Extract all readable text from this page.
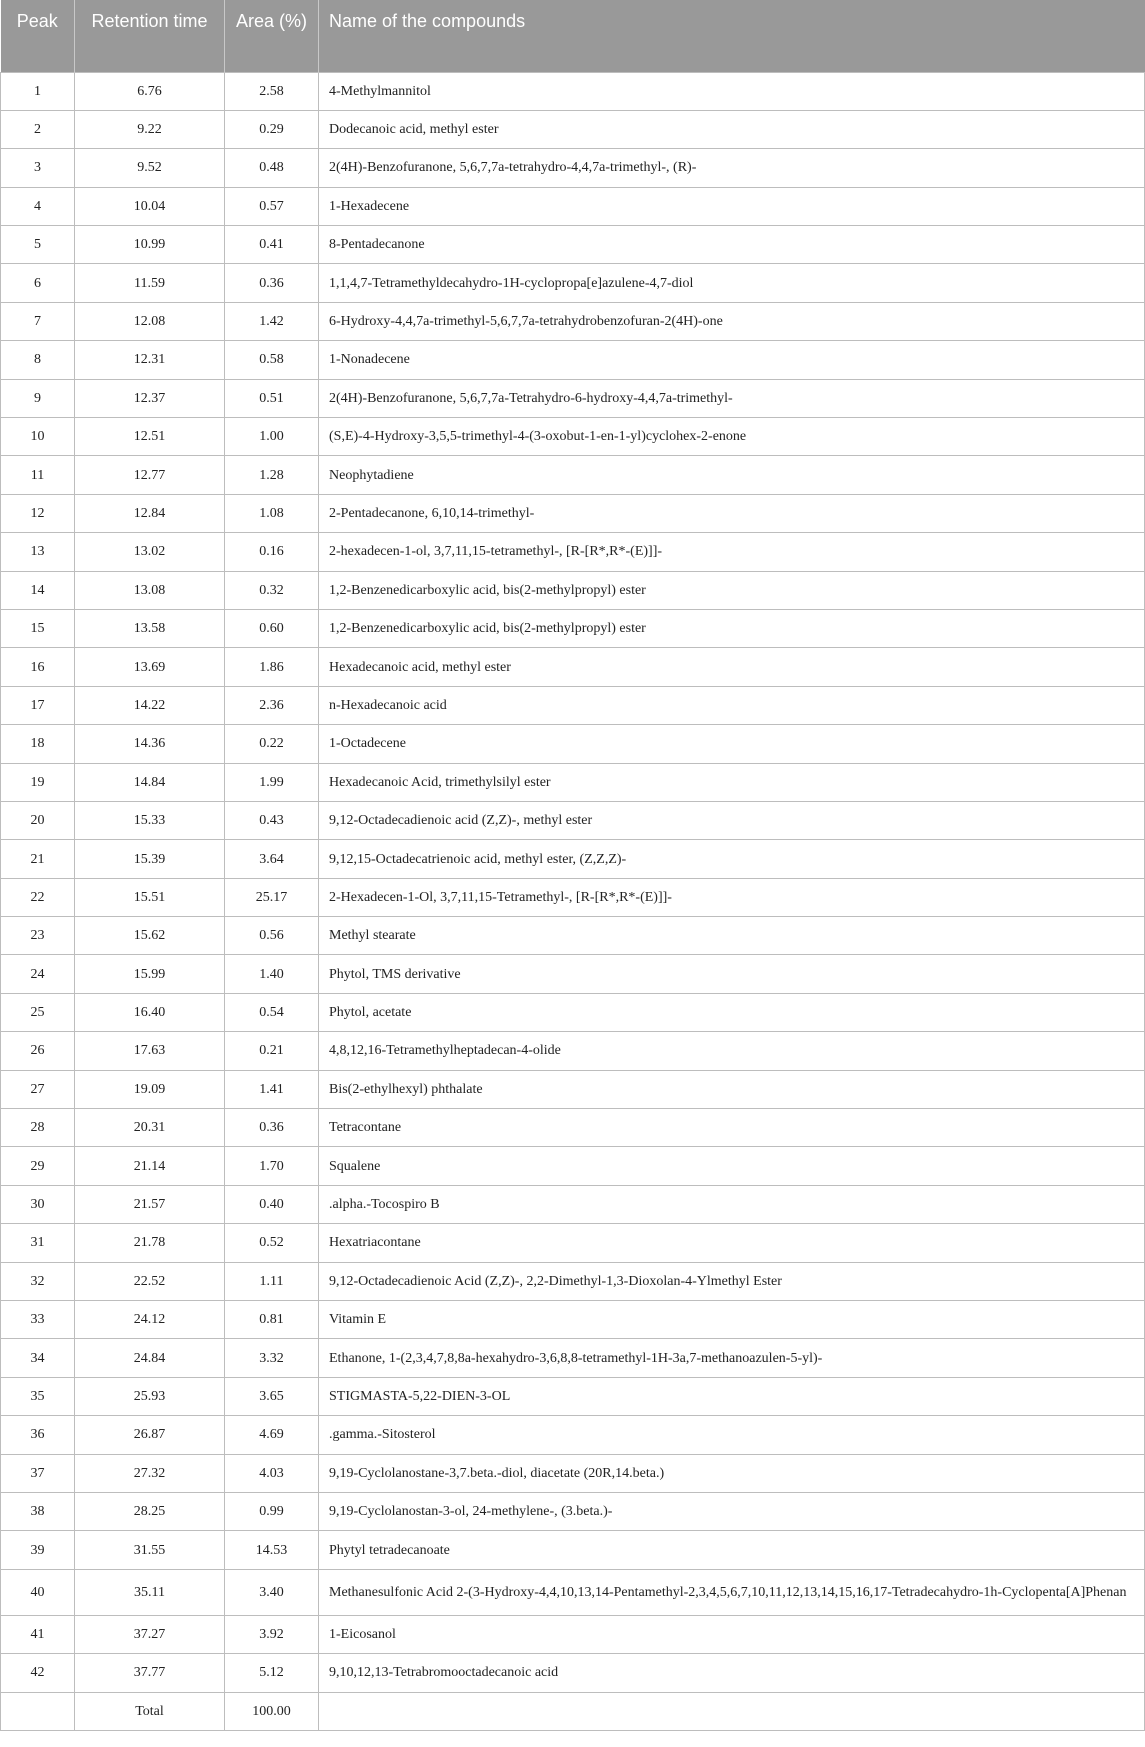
Peak	Retention time	Area (%)	Name of the compounds
1	6.76	2.58	4-Methylmannitol
2	9.22	0.29	Dodecanoic acid, methyl ester
3	9.52	0.48	2(4H)-Benzofuranone, 5,6,7,7a-tetrahydro-4,4,7a-trimethyl-, (R)-
4	10.04	0.57	1-Hexadecene
5	10.99	0.41	8-Pentadecanone
6	11.59	0.36	1,1,4,7-Tetramethyldecahydro-1H-cyclopropa[e]azulene-4,7-diol
7	12.08	1.42	6-Hydroxy-4,4,7a-trimethyl-5,6,7,7a-tetrahydrobenzofuran-2(4H)-one
8	12.31	0.58	1-Nonadecene
9	12.37	0.51	2(4H)-Benzofuranone, 5,6,7,7a-Tetrahydro-6-hydroxy-4,4,7a-trimethyl-
10	12.51	1.00	(S,E)-4-Hydroxy-3,5,5-trimethyl-4-(3-oxobut-1-en-1-yl)cyclohex-2-enone
11	12.77	1.28	Neophytadiene
12	12.84	1.08	2-Pentadecanone, 6,10,14-trimethyl-
13	13.02	0.16	2-hexadecen-1-ol, 3,7,11,15-tetramethyl-, [R-[R*,R*-(E)]]-
14	13.08	0.32	1,2-Benzenedicarboxylic acid, bis(2-methylpropyl) ester
15	13.58	0.60	1,2-Benzenedicarboxylic acid, bis(2-methylpropyl) ester
16	13.69	1.86	Hexadecanoic acid, methyl ester
17	14.22	2.36	n-Hexadecanoic acid
18	14.36	0.22	1-Octadecene
19	14.84	1.99	Hexadecanoic Acid, trimethylsilyl ester
20	15.33	0.43	9,12-Octadecadienoic acid (Z,Z)-, methyl ester
21	15.39	3.64	9,12,15-Octadecatrienoic acid, methyl ester, (Z,Z,Z)-
22	15.51	25.17	2-Hexadecen-1-Ol, 3,7,11,15-Tetramethyl-, [R-[R*,R*-(E)]]-
23	15.62	0.56	Methyl stearate
24	15.99	1.40	Phytol, TMS derivative
25	16.40	0.54	Phytol, acetate
26	17.63	0.21	4,8,12,16-Tetramethylheptadecan-4-olide
27	19.09	1.41	Bis(2-ethylhexyl) phthalate
28	20.31	0.36	Tetracontane
29	21.14	1.70	Squalene
30	21.57	0.40	.alpha.-Tocospiro B
31	21.78	0.52	Hexatriacontane
32	22.52	1.11	9,12-Octadecadienoic Acid (Z,Z)-, 2,2-Dimethyl-1,3-Dioxolan-4-Ylmethyl Ester
33	24.12	0.81	Vitamin E
34	24.84	3.32	Ethanone, 1-(2,3,4,7,8,8a-hexahydro-3,6,8,8-tetramethyl-1H-3a,7-methanoazulen-5-yl)-
35	25.93	3.65	STIGMASTA-5,22-DIEN-3-OL
36	26.87	4.69	.gamma.-Sitosterol
37	27.32	4.03	9,19-Cyclolanostane-3,7.beta.-diol, diacetate (20R,14.beta.)
38	28.25	0.99	9,19-Cyclolanostan-3-ol, 24-methylene-, (3.beta.)-
39	31.55	14.53	Phytyl tetradecanoate
40	35.11	3.40	Methanesulfonic Acid 2-(3-Hydroxy-4,4,10,13,14-Pentamethyl-2,3,4,5,6,7,10,11,12,13,14,15,16,17-Tetradecahydro-1h-Cyclopenta[A]Phenan
41	37.27	3.92	1-Eicosanol
42	37.77	5.12	9,10,12,13-Tetrabromooctadecanoic acid
	Total	100.00	
